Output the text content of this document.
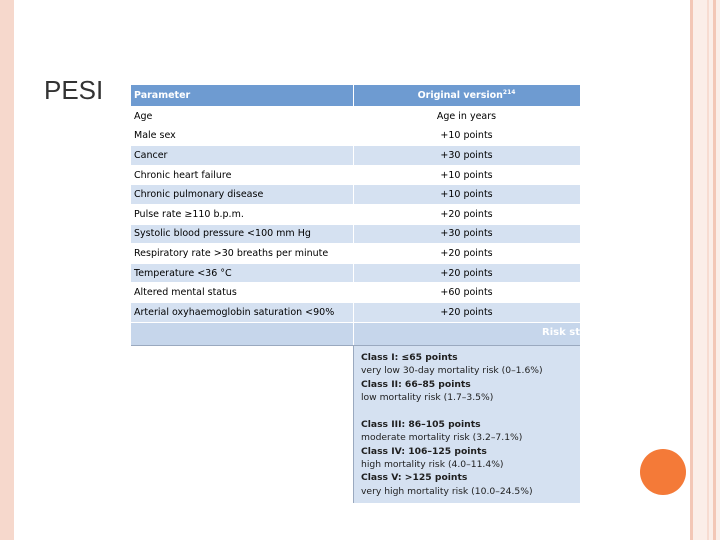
PESI	Parameter	Original version$^{214}$
Age	Age in years
Male sex	+10 points
Cancer	+30 points
Chronic heart failure	+10 points
Chronic pulmonary disease	+10 points
Pulse rate ≥110 b.p.m.	+20 points
Systolic blood pressure <100 mm Hg	+30 points
Respiratory rate >30 breaths per minute	+20 points
Temperature <36 °C	+20 points
Altered mental status	+60 points
Arterial oxyhaemoglobin saturation <90%	+20 points
Risk st
Class I: ≤65 points
very low 30-day mortality risk (0–1.6%)
Class II: 66–85 points
low mortality risk (1.7–3.5%)
Class III: 86–105 points
moderate mortality risk (3.2–7.1%)
Class IV: 106–125 points
high mortality risk (4.0–11.4%)
Class V: >125 points
very high mortality risk (10.0–24.5%)
